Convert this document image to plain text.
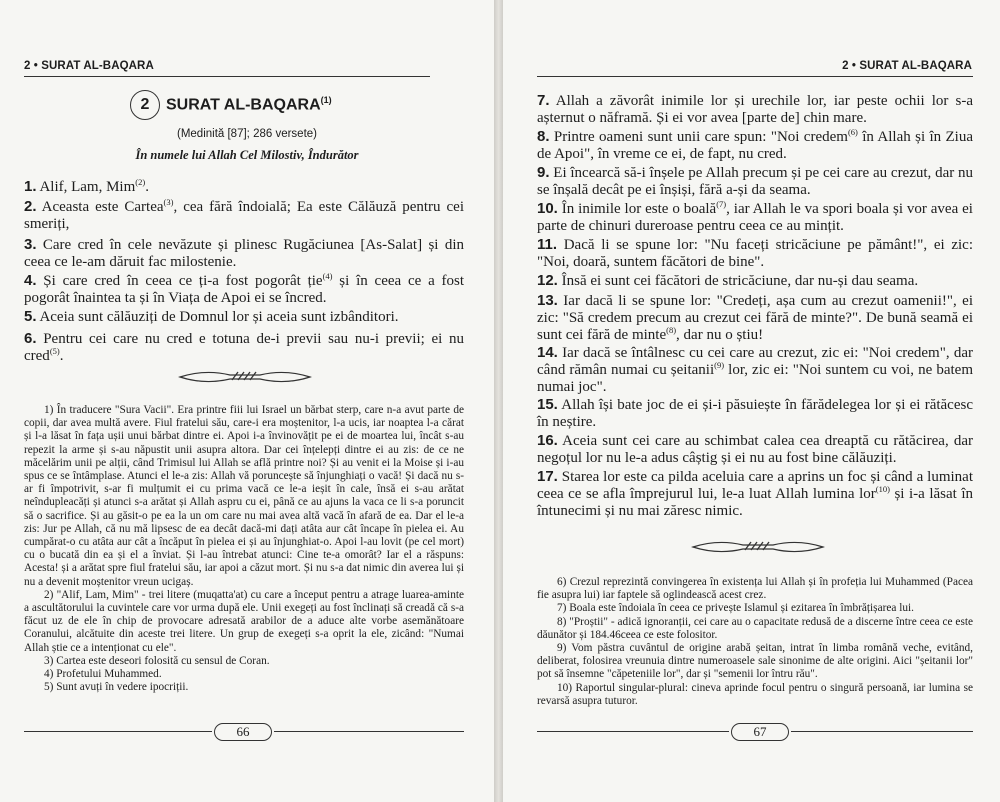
2 • SURAT AL-BAQARA
2	SURAT AL-BAQARA$^{(1)}$
(Medinită [87]; 286 versete)
În numele lui Allah Cel Milostiv, Îndurător
1. Alif, Lam, Mim$^{(2)}$.
2. Aceasta este Cartea$^{(3)}$, cea fără îndoială; Ea este Călăuză pentru cei smeriți,
3. Care cred în cele nevăzute și plinesc Rugăciunea [As-Salat] și din ceea ce le-am dăruit fac milostenie.
4. Și care cred în ceea ce ți-a fost pogorât ție$^{(4)}$ și în ceea ce a fost pogorât înaintea ta și în Viața de Apoi ei se încred.
5. Aceia sunt călăuziți de Domnul lor și aceia sunt izbânditori.
6. Pentru cei care nu cred e totuna de-i previi sau nu-i previi; ei nu cred$^{(5)}$.

1) În traducere "Sura Vacii". Era printre fiii lui Israel un bărbat sterp, care n-a avut parte de copii, dar avea multă avere. Fiul fratelui său, care-i era moștenitor, l-a ucis, iar noaptea l-a cărat și l-a lăsat în fața ușii unui bărbat dintre ei. Apoi i-a învinovățit pe ei de moartea lui, încât s-au repezit la arme și s-au năpustit unii asupra altora. Dar cei înțelepți dintre ei au zis: de ce ne măcelărim unii pe alții, când Trimisul lui Allah se află printre noi? Și au venit ei la Moise și i-au spus ce se întâmplase. Atunci el le-a zis: Allah vă poruncește să înjunghiați o vacă! Și dacă nu s-ar fi împotrivit, s-ar fi mulțumit ei cu prima vacă ce le-a ieșit în cale, însă ei s-au arătat neîndupleacăți și atunci s-a arătat și Allah aspru cu ei, până ce au ajuns la vaca ce li s-a poruncit să o sacrifice. Și au găsit-o pe ea la un om care nu mai avea altă vacă în afară de ea. Dar el le-a zis: Jur pe Allah, că nu mă lipsesc de ea decât dacă-mi dați atâta aur cât încape în pielea ei. Au cumpărat-o cu atâta aur cât a încăput în pielea ei și au înjunghiat-o. Apoi l-au lovit (pe cel mort) cu o bucată din ea și el a înviat. Și l-au întrebat atunci: Cine te-a omorât? Iar el a răspuns: Acesta! și a arătat spre fiul fratelui său, iar apoi a căzut mort. Și nu s-a dat nimic din averea lui și nu a devenit moștenitor vreun ucigaș.

2) "Alif, Lam, Mim" - trei litere (muqatta'at) cu care a început pentru a atrage luarea-aminte a ascultătorului la cuvintele care vor urma după ele. Unii exegeți au fost înclinați să creadă că s-a făcut uz de ele în chip de provocare adresată arabilor de a aduce alte vorbe asemănătoare Coranului, alcătuite din aceste trei litere. Un grup de exegeți s-a oprit la ele, zicând: "Numai Allah știe ce a intenționat cu ele".

3) Cartea este deseori folosită cu sensul de Coran.

4) Profetului Muhammed.

5) Sunt avuți în vedere ipocriții.

66
2 • SURAT AL-BAQARA
7. Allah a zăvorât inimile lor și urechile lor, iar peste ochii lor s-a așternut o năframă. Și ei vor avea [parte de] chin mare.
8. Printre oameni sunt unii care spun: "Noi credem$^{(6)}$ în Allah și în Ziua de Apoi", în vreme ce ei, de fapt, nu cred.
9. Ei încearcă să-i înșele pe Allah precum și pe cei care au crezut, dar nu se înșală decât pe ei înșiși, fără a-și da seama.
10. În inimile lor este o boală$^{(7)}$, iar Allah le va spori boala și vor avea ei parte de chinuri dureroase pentru ceea ce au mințit.
11. Dacă li se spune lor: "Nu faceți stricăciune pe pământ!", ei zic: "Noi, doară, suntem făcători de bine".
12. Însă ei sunt cei făcători de stricăciune, dar nu-și dau seama.
13. Iar dacă li se spune lor: "Credeți, așa cum au crezut oamenii!", ei zic: "Să credem precum au crezut cei fără de minte?". De bună seamă ei sunt cei fără de minte$^{(8)}$, dar nu o știu!
14. Iar dacă se întâlnesc cu cei care au crezut, zic ei: "Noi credem", dar când rămân numai cu șeitanii$^{(9)}$ lor, zic ei: "Noi suntem cu voi, ne batem numai joc".
15. Allah își bate joc de ei și-i păsuiește în fărădelegea lor și ei rătăcesc în neștire.
16. Aceia sunt cei care au schimbat calea cea dreaptă cu rătăcirea, dar negoțul lor nu le-a adus câștig și ei nu au fost bine călăuziți.
17. Starea lor este ca pilda aceluia care a aprins un foc și când a luminat ceea ce se afla împrejurul lui, le-a luat Allah lumina lor$^{(10)}$ și i-a lăsat în întunecimi și nu mai zăresc nimic.

6) Crezul reprezintă convingerea în existența lui Allah și în profeția lui Muhammed (Pacea fie asupra lui) iar faptele să oglindească acest crez.

7) Boala este îndoiala în ceea ce privește Islamul și ezitarea în îmbrățișarea lui.

8) "Proștii" - adică ignoranții, cei care au o capacitate redusă de a discerne între ceea ce este dăunător și 184.46ceea ce este folositor.

9) Vom păstra cuvântul de origine arabă șeitan, intrat în limba română veche, evitând, deliberat, folosirea vreunuia dintre numeroasele sale sinonime de alte origini. Aici "șeitanii lor" pot să însemne "căpeteniile lor", dar și "semenii lor întru rău".

10) Raportul singular-plural: cineva aprinde focul pentru o singură persoană, iar lumina se revarsă asupra tuturor.

67
